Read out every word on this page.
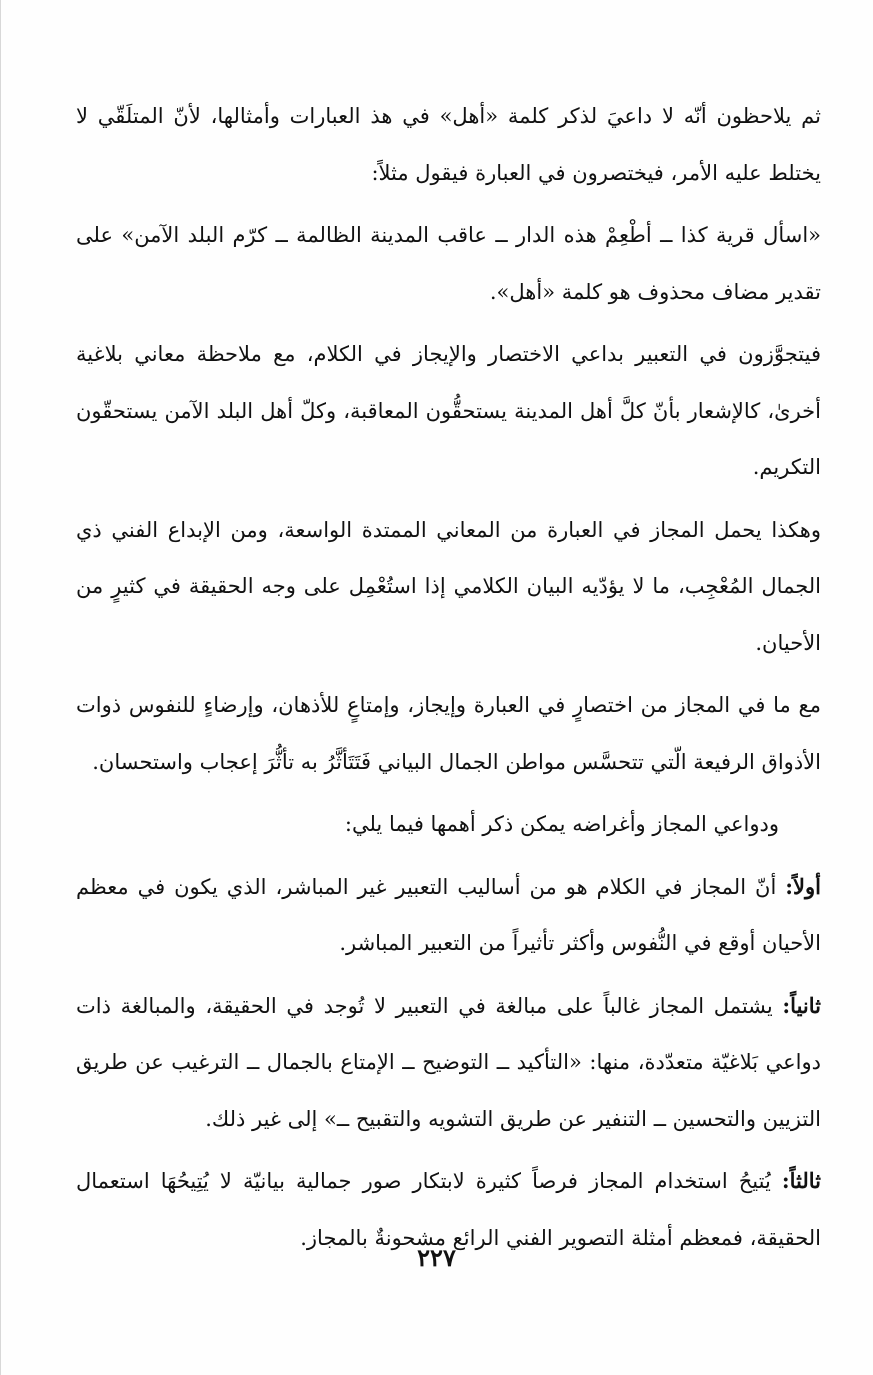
ثم يلاحظون أنّه لا داعيَ لذكر كلمة «أهل» في هذ العبارات وأمثالها، لأنّ المتلَقّي لا يختلط عليه الأمر، فيختصرون في العبارة فيقول مثلاً:

«اسأل قرية كذا ــ أطْعِمْ هذه الدار ــ عاقب المدينة الظالمة ــ كرّم البلد الآمن» على تقدير مضاف محذوف هو كلمة «أهل».

فيتجوَّزون في التعبير بداعي الاختصار والإيجاز في الكلام، مع ملاحظة معاني بلاغية أخرىٰ، كالإشعار بأنّ كلَّ أهل المدينة يستحقُّون المعاقبة، وكلّ أهل البلد الآمن يستحقّون التكريم.

وهكذا يحمل المجاز في العبارة من المعاني الممتدة الواسعة، ومن الإبداع الفني ذي الجمال المُعْجِب، ما لا يؤدّيه البيان الكلامي إذا استُعْمِل على وجه الحقيقة في كثيرٍ من الأحيان.

مع ما في المجاز من اختصارٍ في العبارة وإيجاز، وإمتاعٍ للأذهان، وإرضاءٍ للنفوس ذوات الأذواق الرفيعة الّتي تتحسَّس مواطن الجمال البياني فَتَتَأثَّرُ به تأثُّرَ إعجاب واستحسان.

ودواعي المجاز وأغراضه يمكن ذكر أهمها فيما يلي:

أولاً: أنّ المجاز في الكلام هو من أساليب التعبير غير المباشر، الذي يكون في معظم الأحيان أوقع في النُّفوس وأكثر تأثيراً من التعبير المباشر.

ثانياً: يشتمل المجاز غالباً على مبالغة في التعبير لا تُوجد في الحقيقة، والمبالغة ذات دواعي بَلاغيّة متعدّدة، منها: «التأكيد ــ التوضيح ــ الإمتاع بالجمال ــ الترغيب عن طريق التزيين والتحسين ــ التنفير عن طريق التشويه والتقبيح ــ» إلى غير ذلك.

ثالثاً: يُتيحُ استخدام المجاز فرصاً كثيرة لابتكار صور جمالية بيانيّة لا يُتِيحُهَا استعمال الحقيقة، فمعظم أمثلة التصوير الفني الرائع مشحونةٌ بالمجاز.

٢٢٧
